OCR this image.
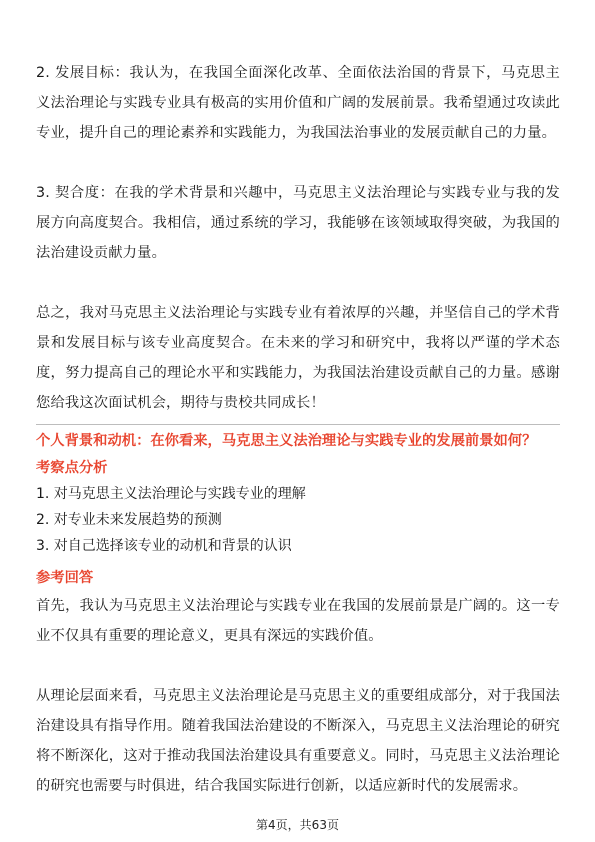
2. 发展目标：我认为，在我国全面深化改革、全面依法治国的背景下，马克思主义法治理论与实践专业具有极高的实用价值和广阔的发展前景。我希望通过攻读此专业，提升自己的理论素养和实践能力，为我国法治事业的发展贡献自己的力量。

3. 契合度：在我的学术背景和兴趣中，马克思主义法治理论与实践专业与我的发展方向高度契合。我相信，通过系统的学习，我能够在该领域取得突破，为我国的法治建设贡献力量。

总之，我对马克思主义法治理论与实践专业有着浓厚的兴趣，并坚信自己的学术背景和发展目标与该专业高度契合。在未来的学习和研究中，我将以严谨的学术态度，努力提高自己的理论水平和实践能力，为我国法治建设贡献自己的力量。感谢您给我这次面试机会，期待与贵校共同成长！

个人背景和动机：在你看来，马克思主义法治理论与实践专业的发展前景如何？

考察点分析

1. 对马克思主义法治理论与实践专业的理解

2. 对专业未来发展趋势的预测

3. 对自己选择该专业的动机和背景的认识

参考回答

首先，我认为马克思主义法治理论与实践专业在我国的发展前景是广阔的。这一专业不仅具有重要的理论意义，更具有深远的实践价值。

从理论层面来看，马克思主义法治理论是马克思主义的重要组成部分，对于我国法治建设具有指导作用。随着我国法治建设的不断深入，马克思主义法治理论的研究将不断深化，这对于推动我国法治建设具有重要意义。同时，马克思主义法治理论的研究也需要与时俱进，结合我国实际进行创新，以适应新时代的发展需求。

第4页，共63页
